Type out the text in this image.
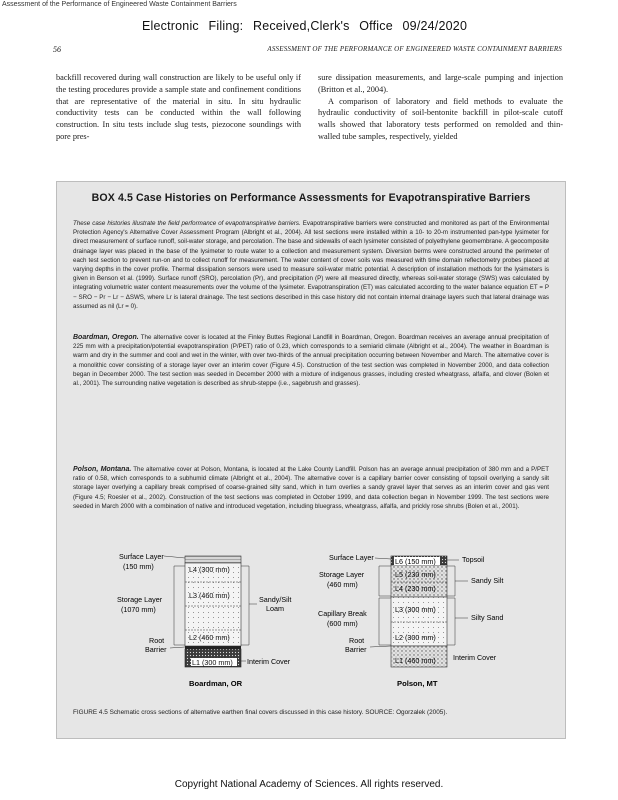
Assessment of the Performance of Engineered Waste Containment Barriers
Electronic Filing: Received,Clerk's Office 09/24/2020
56	ASSESSMENT OF THE PERFORMANCE OF ENGINEERED WASTE CONTAINMENT BARRIERS

backfill recovered during wall construction are likely to be useful only if the testing procedures provide a sample state and confinement conditions that are representative of the material in situ. In situ hydraulic conductivity tests can be conducted within the wall following construction. In situ tests include slug tests, piezocone soundings with pore pres-

sure dissipation measurements, and large-scale pumping and injection (Britton et al., 2004).

A comparison of laboratory and field methods to evaluate the hydraulic conductivity of soil-bentonite backfill in pilot-scale cutoff walls showed that laboratory tests performed on remolded and thin-walled tube samples, respectively, yielded

BOX 4.5 Case Histories on Performance Assessments for Evapotranspirative Barriers

These case histories illustrate the field performance of evapotranspirative barriers. Evapotranspirative barriers were constructed and monitored as part of the Environmental Protection Agency's Alternative Cover Assessment Program (Albright et al., 2004). All test sections were installed within a 10- to 20-m instrumented pan-type lysimeter for direct measurement of surface runoff, soil-water storage, and percolation. The base and sidewalls of each lysimeter consisted of polyethylene geomembrane. A geocomposite drainage layer was placed in the base of the lysimeter to route water to a collection and measurement system. Diversion berms were constructed around the perimeter of each test section to prevent run-on and to collect runoff for measurement. The water content of cover soils was measured with time domain reflectometry probes placed at varying depths in the cover profile. Thermal dissipation sensors were used to measure soil-water matric potential. A description of installation methods for the lysimeters is given in Benson et al. (1999). Surface runoff (SRO), percolation (Pr), and precipitation (P) were all measured directly, whereas soil-water storage (SWS) was calculated by integrating volumetric water content measurements over the volume of the lysimeter. Evapotranspiration (ET) was calculated according to the water balance equation ET = P − SRO − Pr − Lr − ΔSWS, where Lr is lateral drainage. The test sections described in this case history did not contain internal drainage layers such that lateral drainage was assumed as nil (Lr = 0).

Boardman, Oregon. The alternative cover is located at the Finley Buttes Regional Landfill in Boardman, Oregon. Boardman receives an average annual precipitation of 225 mm with a precipitation/potential evapotranspiration (P/PET) ratio of 0.23, which corresponds to a semiarid climate (Albright et al., 2004). The weather in Boardman is warm and dry in the summer and cool and wet in the winter, with over two-thirds of the annual precipitation occurring between November and March. The alternative cover is a monolithic cover consisting of a storage layer over an interim cover (Figure 4.5). Construction of the test section was completed in November 2000, and data collection began in December 2000. The test section was seeded in December 2000 with a mixture of indigenous grasses, including crested wheatgrass, alfalfa, and clover (Bolen et al., 2001). The surrounding native vegetation is described as shrub-steppe (i.e., sagebrush and grasses).

Polson, Montana. The alternative cover at Polson, Montana, is located at the Lake County Landfill. Polson has an average annual precipitation of 380 mm and a P/PET ratio of 0.58, which corresponds to a subhumid climate (Albright et al., 2004). The alternative cover is a capillary barrier cover consisting of topsoil overlying a sandy silt storage layer overlying a capillary break comprised of coarse-grained silty sand, which in turn overlies a sandy gravel layer that serves as an interim cover and gas vent (Figure 4.5; Roesler et al., 2002). Construction of the test sections was completed in October 1999, and data collection began in November 1999. The test sections were seeded in March 2000 with a combination of native and introduced vegetation, including bluegrass, wheatgrass, alfalfa, and prickly rose shrubs (Bolen et al., 2001).

L4 (300 mm)
L3 (460 mm)
L2 (460 mm)
L1 (300 mm)
Surface Layer
(150 mm)
Storage Layer
(1070 mm)
Root
Barrier
Sandy/Silt
Loam
Interim Cover
Boardman, OR
L6 (150 mm)
L5 (230 mm)
L4 (230 mm)
L3 (300 mm)
L2 (300 mm)
L1 (460 mm)
Surface Layer
Storage Layer
(460 mm)
Capillary Break
(600 mm)
Root
Barrier
Topsoil
Sandy Silt
Silty Sand
Interim Cover
Polson, MT
FIGURE 4.5 Schematic cross sections of alternative earthen final covers discussed in this case history. SOURCE: Ogorzalek (2005).
Copyright National Academy of Sciences. All rights reserved.
